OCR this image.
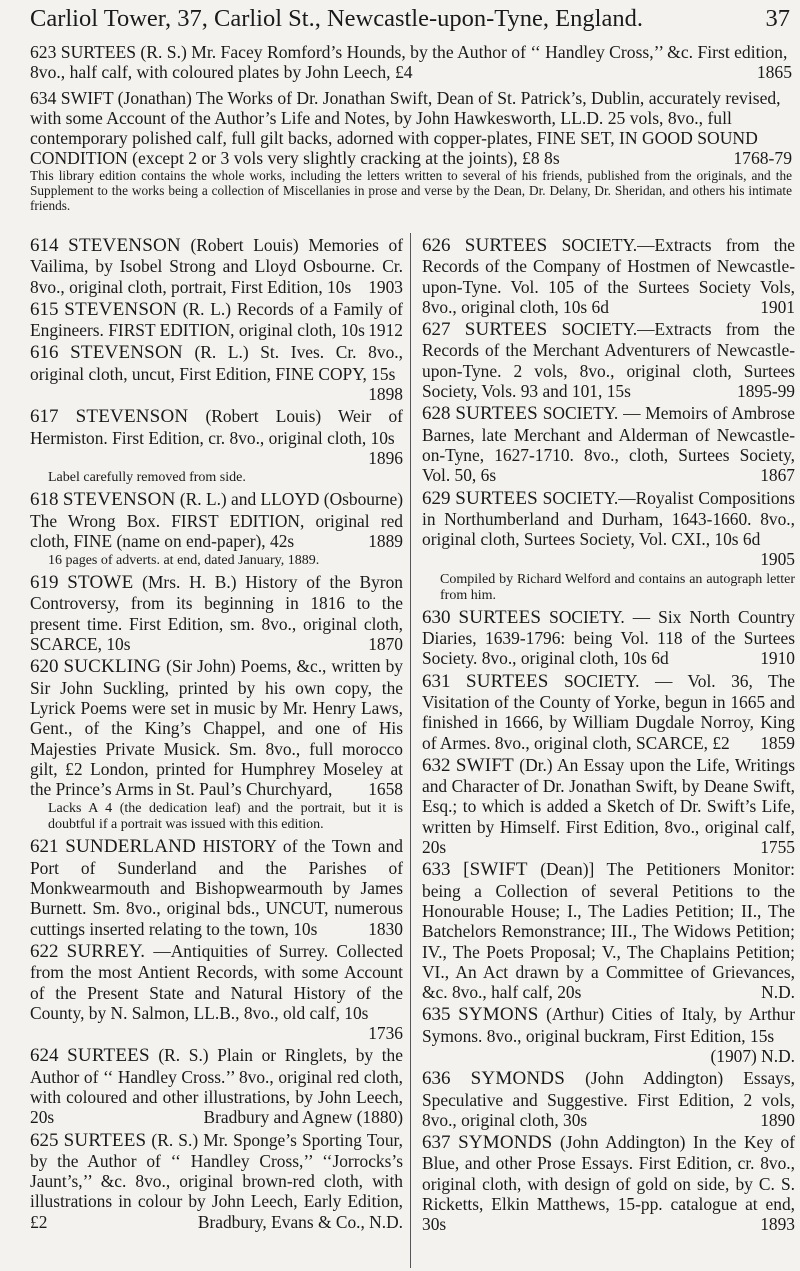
Carliol Tower, 37, Carliol St., Newcastle-upon-Tyne, England.	37
623 SURTEES (R. S.) Mr. Facey Romford’s Hounds, by the Author of ‘‘ Handley Cross,’’ &c. First edition, 8vo., half calf, with coloured plates by John Leech, £4	1865
634 SWIFT (Jonathan) The Works of Dr. Jonathan Swift, Dean of St. Patrick’s, Dublin, accurately revised, with some Account of the Author’s Life and Notes, by John Hawkesworth, LL.D. 25 vols, 8vo., full contemporary polished calf, full gilt backs, adorned with copper-plates, FINE SET, IN GOOD SOUND CONDITION (except 2 or 3 vols very slightly cracking at the joints), £8 8s	1768-79
This library edition contains the whole works, including the letters written to several of his friends, published from the originals, and the Supplement to the works being a collection of Miscellanies in prose and verse by the Dean, Dr. Delany, Dr. Sheridan, and others his intimate friends.
614 STEVENSON (Robert Louis) Memories of Vailima, by Isobel Strong and Lloyd Osbourne. Cr. 8vo., original cloth, portrait, First Edition, 10s 1903
615 STEVENSON (R. L.) Records of a Family of Engineers. FIRST EDITION, original cloth, 10s 1912
616 STEVENSON (R. L.) St. Ives. Cr. 8vo., original cloth, uncut, First Edition, FINE COPY, 15s
1898
617 STEVENSON (Robert Louis) Weir of Hermiston. First Edition, cr. 8vo., original cloth, 10s
1896
Label carefully removed from side.
618 STEVENSON (R. L.) and LLOYD (Osbourne) The Wrong Box. FIRST EDITION, original red cloth, FINE (name on end-paper), 42s	1889
16 pages of adverts. at end, dated January, 1889.
619 STOWE (Mrs. H. B.) History of the Byron Controversy, from its beginning in 1816 to the present time. First Edition, sm. 8vo., original cloth, SCARCE, 10s	1870
620 SUCKLING (Sir John) Poems, &c., written by Sir John Suckling, printed by his own copy, the Lyrick Poems were set in music by Mr. Henry Laws, Gent., of the King’s Chappel, and one of His Majesties Private Musick. Sm. 8vo., full morocco gilt, £2 London, printed for Humphrey Moseley at the Prince’s Arms in St. Paul’s Churchyard, 1658
Lacks A 4 (the dedication leaf) and the portrait, but it is doubtful if a portrait was issued with this edition.
621 SUNDERLAND HISTORY of the Town and Port of Sunderland and the Parishes of Monkwearmouth and Bishopwearmouth by James Burnett. Sm. 8vo., original bds., UNCUT, numerous cuttings inserted relating to the town, 10s	1830
622 SURREY. —Antiquities of Surrey. Collected from the most Antient Records, with some Account of the Present State and Natural History of the County, by N. Salmon, LL.B., 8vo., old calf, 10s
1736
624 SURTEES (R. S.) Plain or Ringlets, by the Author of ‘‘ Handley Cross.’’ 8vo., original red cloth, with coloured and other illustrations, by John Leech, 20s	Bradbury and Agnew (1880)
625 SURTEES (R. S.) Mr. Sponge’s Sporting Tour, by the Author of ‘‘ Handley Cross,’’ ‘‘Jorrocks’s Jaunt’s,’’ &c. 8vo., original brown-red cloth, with illustrations in colour by John Leech, Early Edition, £2	Bradbury, Evans & Co., N.D.
626 SURTEES SOCIETY.—Extracts from the Records of the Company of Hostmen of Newcastle-upon-Tyne. Vol. 105 of the Surtees Society Vols, 8vo., original cloth, 10s 6d	1901
627 SURTEES SOCIETY.—Extracts from the Records of the Merchant Adventurers of Newcastle-upon-Tyne. 2 vols, 8vo., original cloth, Surtees Society, Vols. 93 and 101, 15s	1895-99
628 SURTEES SOCIETY. — Memoirs of Ambrose Barnes, late Merchant and Alderman of Newcastle-on-Tyne, 1627-1710. 8vo., cloth, Surtees Society, Vol. 50, 6s	1867
629 SURTEES SOCIETY.—Royalist Compositions in Northumberland and Durham, 1643-1660. 8vo., original cloth, Surtees Society, Vol. CXI., 10s 6d
1905
Compiled by Richard Welford and contains an autograph letter from him.
630 SURTEES SOCIETY. — Six North Country Diaries, 1639-1796: being Vol. 118 of the Surtees Society. 8vo., original cloth, 10s 6d	1910
631 SURTEES SOCIETY. — Vol. 36, The Visitation of the County of Yorke, begun in 1665 and finished in 1666, by William Dugdale Norroy, King of Armes. 8vo., original cloth, SCARCE, £2 1859
632 SWIFT (Dr.) An Essay upon the Life, Writings and Character of Dr. Jonathan Swift, by Deane Swift, Esq.; to which is added a Sketch of Dr. Swift’s Life, written by Himself. First Edition, 8vo., original calf, 20s	1755
633 [SWIFT (Dean)] The Petitioners Monitor: being a Collection of several Petitions to the Honourable House; I., The Ladies Petition; II., The Batchelors Remonstrance; III., The Widows Petition; IV., The Poets Proposal; V., The Chaplains Petition; VI., An Act drawn by a Committee of Grievances, &c. 8vo., half calf, 20s	N.D.
635 SYMONS (Arthur) Cities of Italy, by Arthur Symons. 8vo., original buckram, First Edition, 15s
(1907) N.D.
636 SYMONDS (John Addington) Essays, Speculative and Suggestive. First Edition, 2 vols, 8vo., original cloth, 30s	1890
637 SYMONDS (John Addington) In the Key of Blue, and other Prose Essays. First Edition, cr. 8vo., original cloth, with design of gold on side, by C. S. Ricketts, Elkin Matthews, 15-pp. catalogue at end, 30s	1893
